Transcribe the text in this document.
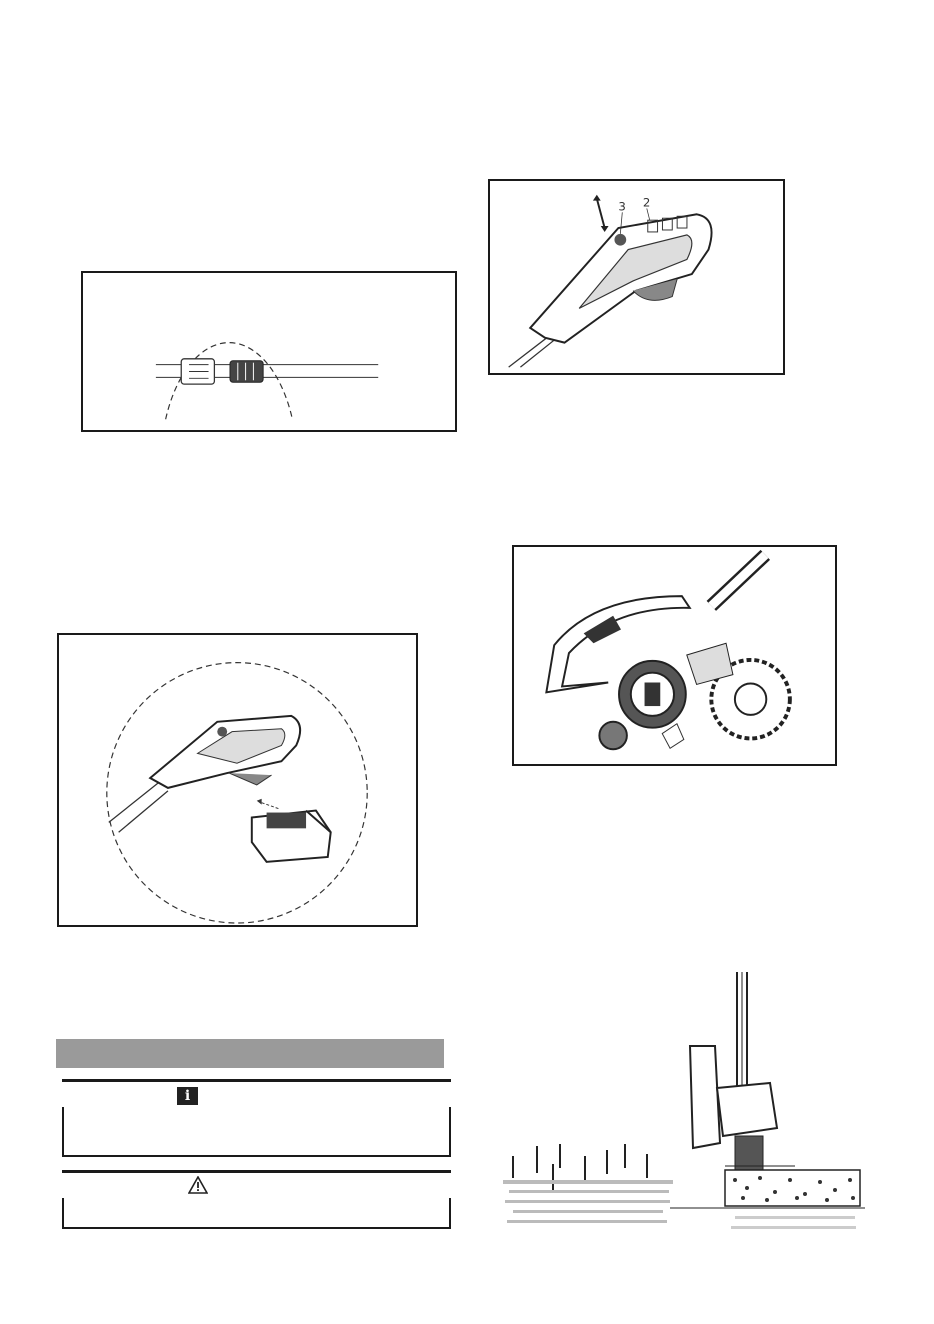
3 2
i
